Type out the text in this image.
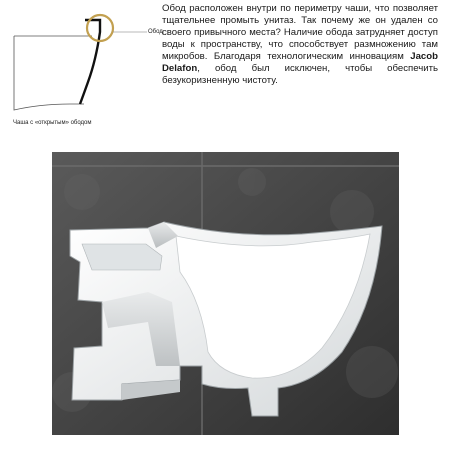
Обод
Чаша с «открытым» ободом

Обод расположен внутри по периметру чаши, что позволяет тщательнее промыть унитаз. Так почему же он удален со своего привычного места? Наличие обода затрудняет доступ воды к пространству, что способствует размножению там микробов. Благодаря технологическим инновациям Jacob Delafon, обод был исключен, чтобы обеспечить безукоризненную чистоту.
